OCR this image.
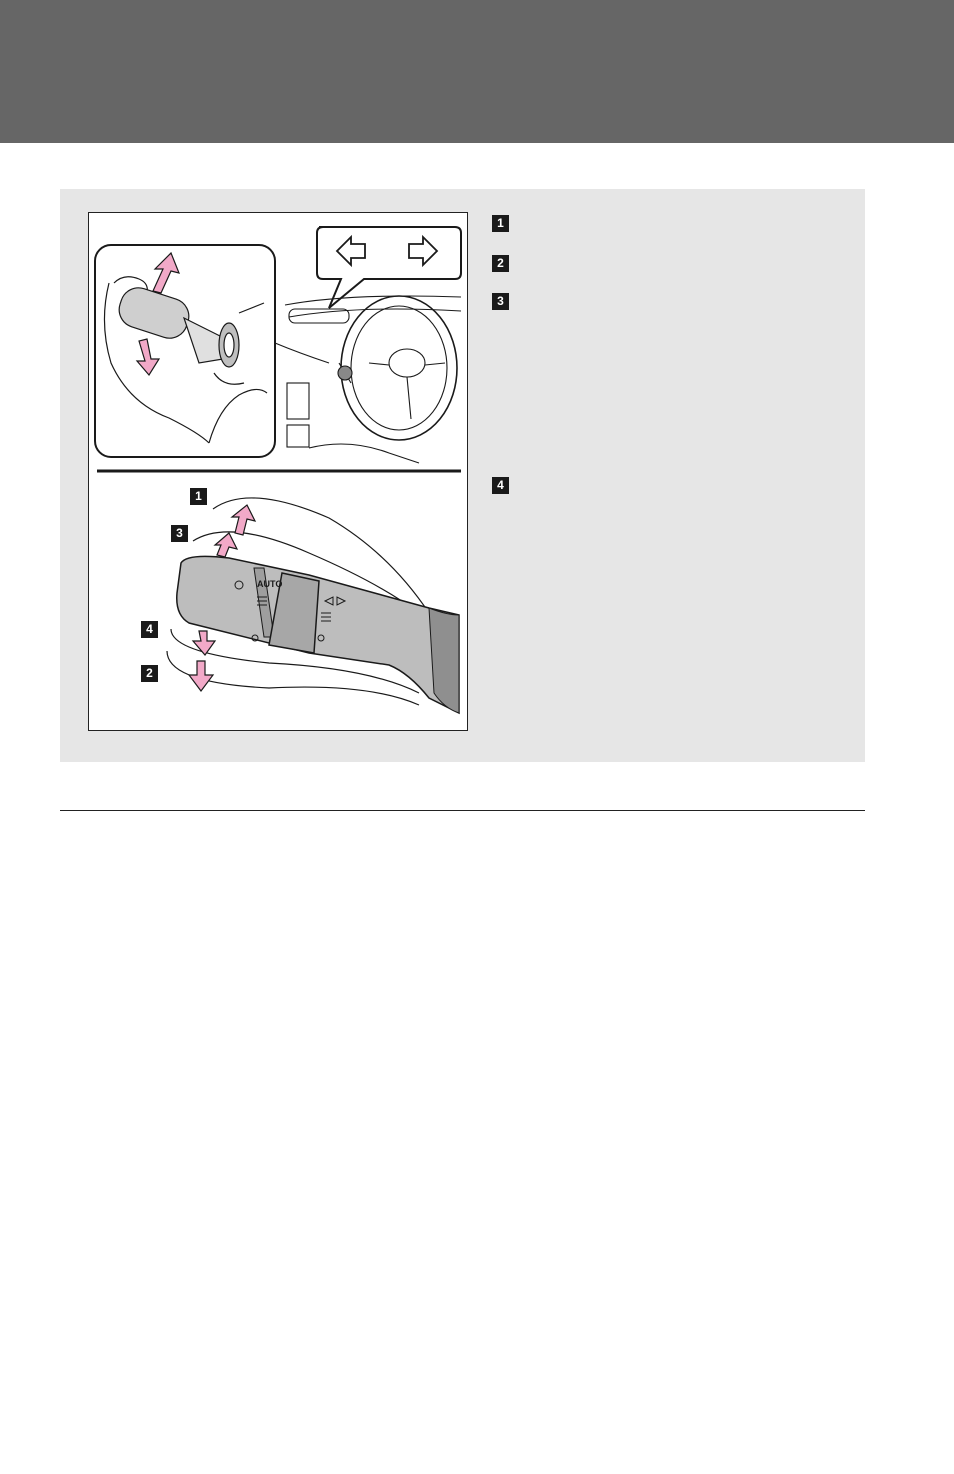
AUTO
1
3
4
2
1
2
3
4
